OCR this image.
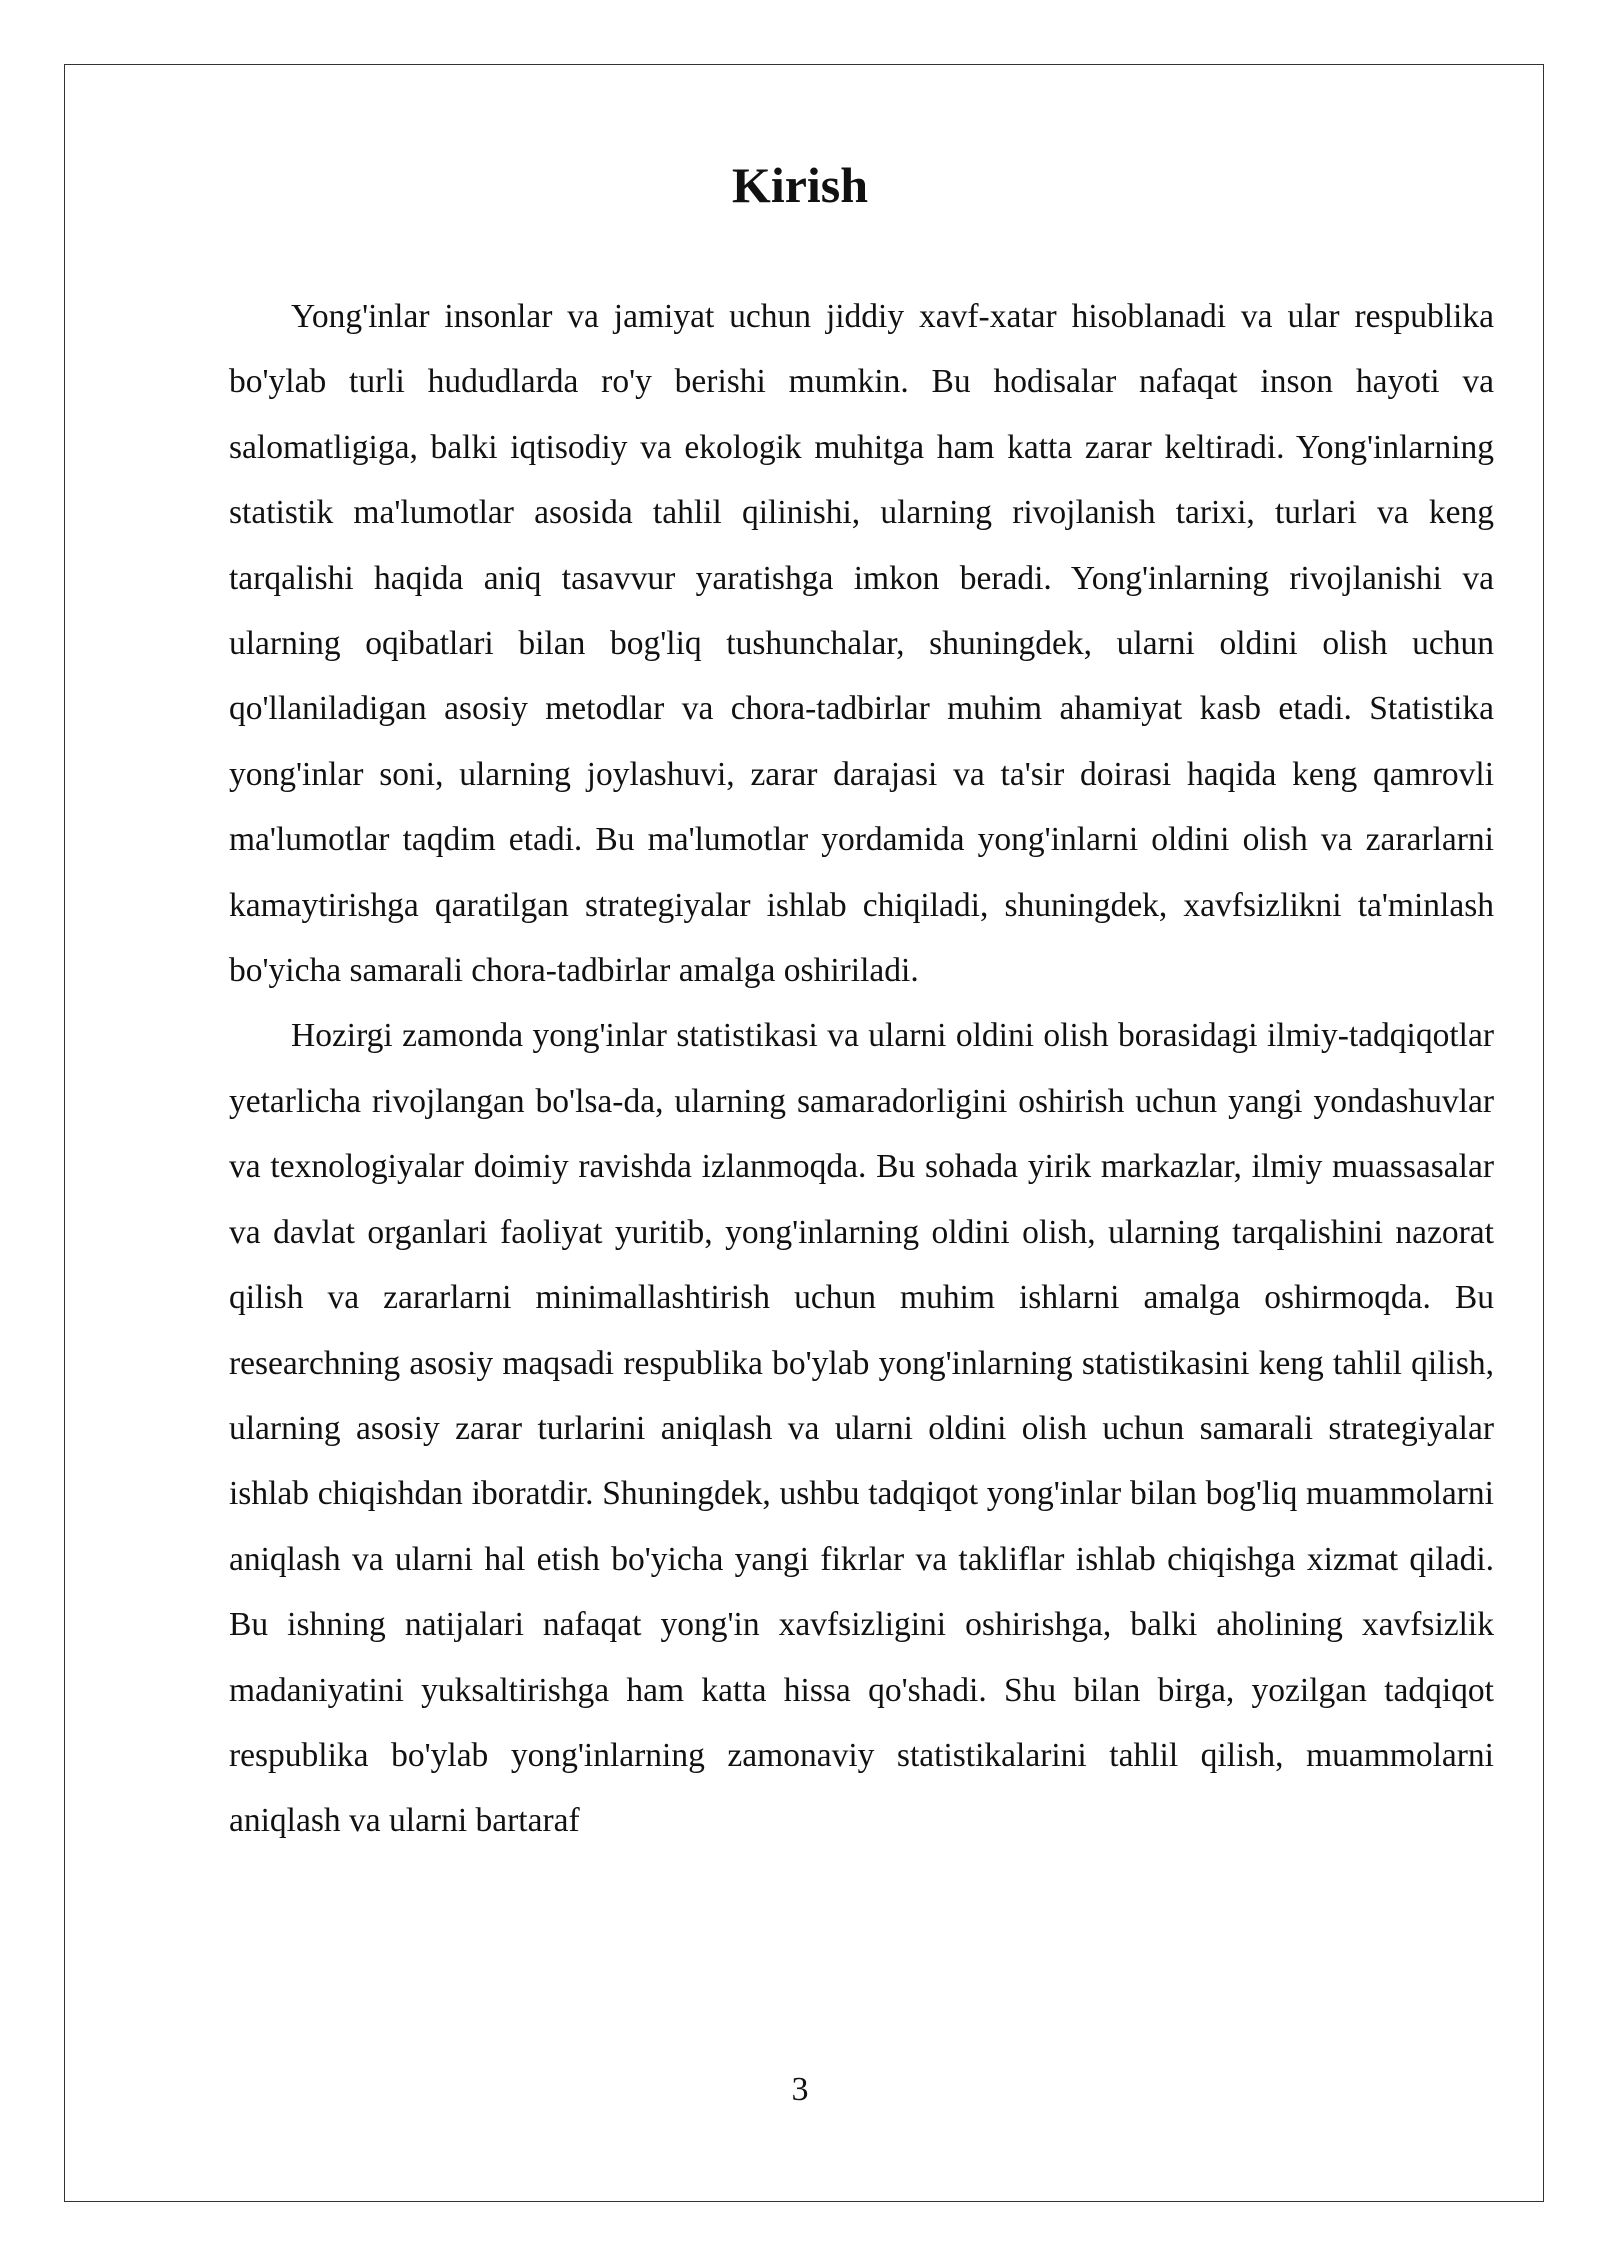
Kirish

Yong'inlar insonlar va jamiyat uchun jiddiy xavf-xatar hisoblanadi va ular respublika bo'ylab turli hududlarda ro'y berishi mumkin. Bu hodisalar nafaqat inson hayoti va salomatligiga, balki iqtisodiy va ekologik muhitga ham katta zarar keltiradi. Yong'inlarning statistik ma'lumotlar asosida tahlil qilinishi, ularning rivojlanish tarixi, turlari va keng tarqalishi haqida aniq tasavvur yaratishga imkon beradi. Yong'inlarning rivojlanishi va ularning oqibatlari bilan bog'liq tushunchalar, shuningdek, ularni oldini olish uchun qo'llaniladigan asosiy metodlar va chora-tadbirlar muhim ahamiyat kasb etadi. Statistika yong'inlar soni, ularning joylashuvi, zarar darajasi va ta'sir doirasi haqida keng qamrovli ma'lumotlar taqdim etadi. Bu ma'lumotlar yordamida yong'inlarni oldini olish va zararlarni kamaytirishga qaratilgan strategiyalar ishlab chiqiladi, shuningdek, xavfsizlikni ta'minlash bo'yicha samarali chora-tadbirlar amalga oshiriladi.

Hozirgi zamonda yong'inlar statistikasi va ularni oldini olish borasidagi ilmiy-tadqiqotlar yetarlicha rivojlangan bo'lsa-da, ularning samaradorligini oshirish uchun yangi yondashuvlar va texnologiyalar doimiy ravishda izlanmoqda. Bu sohada yirik markazlar, ilmiy muassasalar va davlat organlari faoliyat yuritib, yong'inlarning oldini olish, ularning tarqalishini nazorat qilish va zararlarni minimallashtirish uchun muhim ishlarni amalga oshirmoqda. Bu researchning asosiy maqsadi respublika bo'ylab yong'inlarning statistikasini keng tahlil qilish, ularning asosiy zarar turlarini aniqlash va ularni oldini olish uchun samarali strategiyalar ishlab chiqishdan iboratdir. Shuningdek, ushbu tadqiqot yong'inlar bilan bog'liq muammolarni aniqlash va ularni hal etish bo'yicha yangi fikrlar va takliflar ishlab chiqishga xizmat qiladi. Bu ishning natijalari nafaqat yong'in xavfsizligini oshirishga, balki aholining xavfsizlik madaniyatini yuksaltirishga ham katta hissa qo'shadi. Shu bilan birga, yozilgan tadqiqot respublika bo'ylab yong'inlarning zamonaviy statistikalarini tahlil qilish, muammolarni aniqlash va ularni bartaraf

3
